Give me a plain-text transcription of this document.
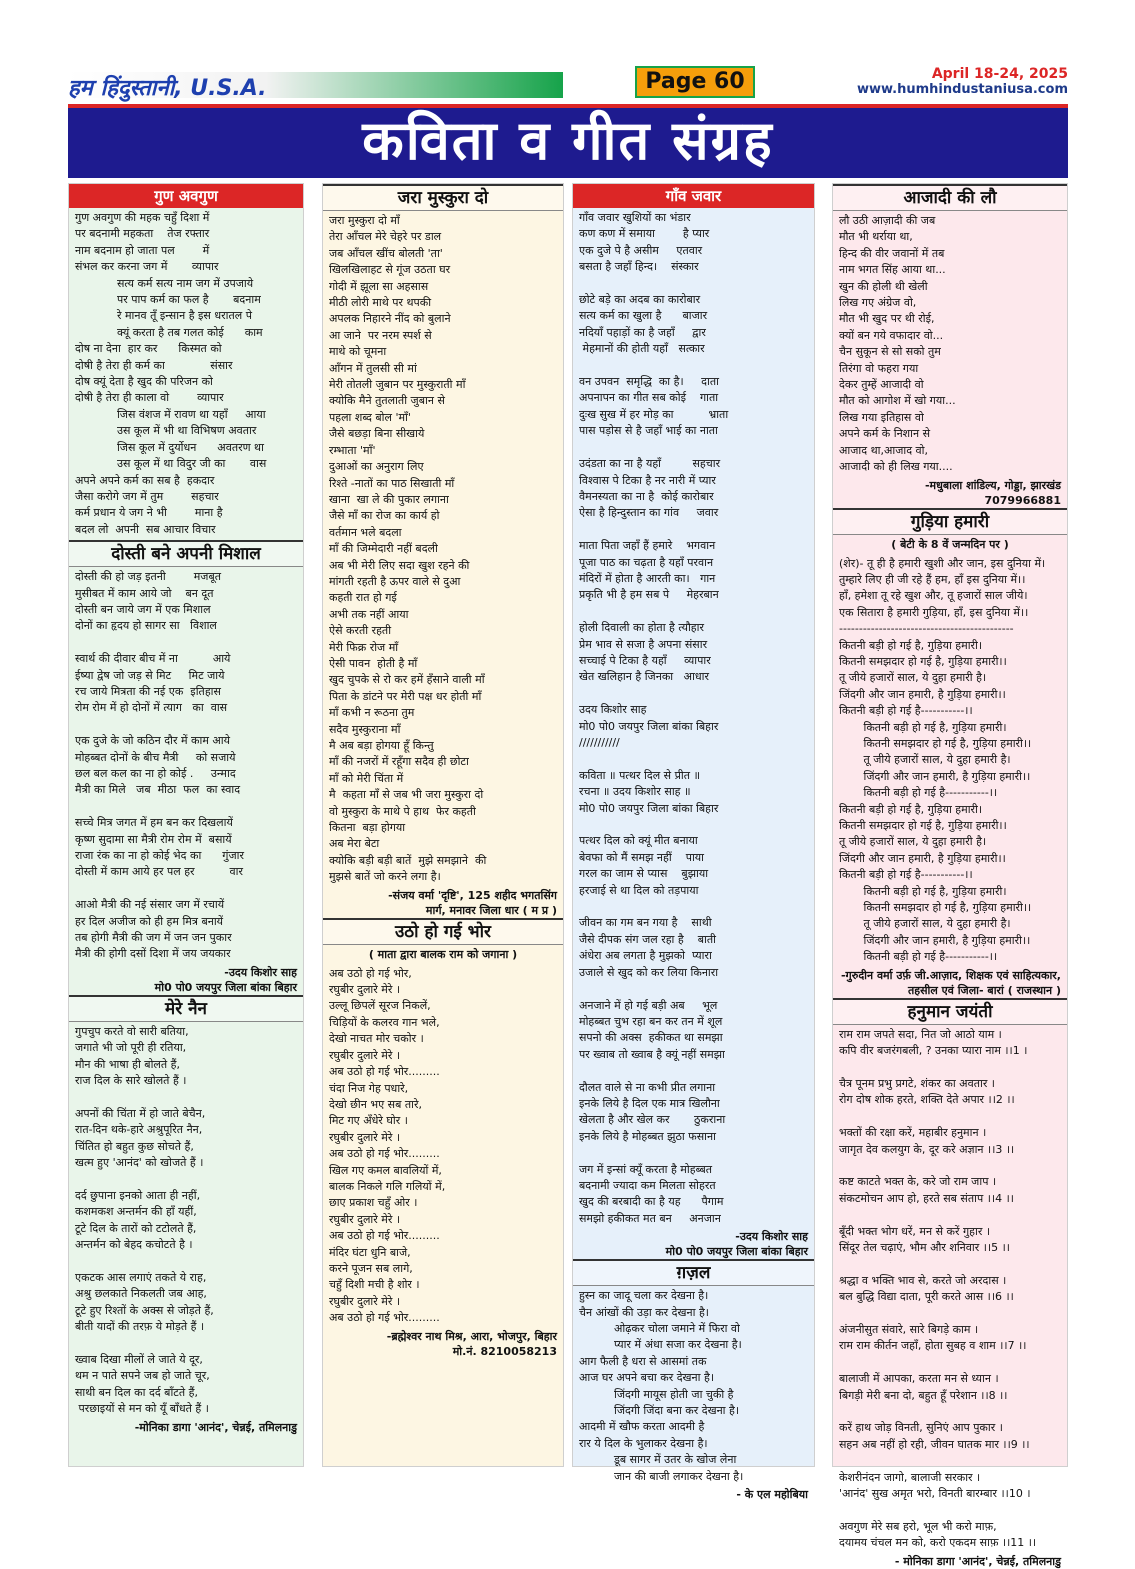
हम हिंदुस्तानी, U.S.A.	Page 60	April 18-24, 2025
www.humhindustaniusa.com
कविता व गीत संग्रह
गुण अवगुण
गुण अवगुण की महक चहुँ दिशा में
पर बदनामी महकता    तेज रफ्तार
नाम बदनाम हो जाता पल        में
संभल कर करना जग में       व्यापार
सत्य कर्म सत्य नाम जग में उपजाये
पर पाप कर्म का फल है       बदनाम
रे मानव तूँ इन्सान है इस धरातल पे
क्यूं करता है तब गलत कोई      काम
दोष ना देना  हार कर      किस्मत को
दोषी है तेरा ही कर्म का             संसार
दोष क्यूं देता है खुद की परिजन को
दोषी है तेरा ही काला वो        व्यापार
जिस वंशज में रावण था यहाँ     आया
उस कूल में भी था विभिषण अवतार
जिस कूल में दुर्योधन      अवतरण था
उस कूल में था विदुर जी का       वास
अपने अपने कर्म का सब है  हकदार
जैसा करोगे जग में तुम        सहचार
कर्म प्रधान ये जग ने भी        माना है
बदल लो  अपनी  सब आचार विचार
दोस्ती बने अपनी मिशाल
दोस्ती की हो जड़ इतनी        मजबूत
मुसीबत में काम आये जो    बन दूत
दोस्ती बन जाये जग में एक मिशाल
दोनों का हृदय हो सागर सा   विशाल

स्वार्थ की दीवार बीच में ना          आये
ईष्या द्वेष जो जड़ से मिट     मिट जाये
रच जाये मित्रता की नई एक  इतिहास
रोम रोम में हो दोनों में त्याग   का  वास

एक दुजे के जो कठिन दौर में काम आये
मोहब्बत दोनों के बीच मैत्री     को सजाये
छल बल कल का ना हो कोई .     उन्माद
मैत्री का मिले   जब  मीठा  फल  का स्वाद

सच्चे मित्र जगत में हम बन कर दिखलायें
कृष्ण सुदामा सा मैत्री रोम रोम में  बसायें
राजा रंक का ना हो कोई भेद का      गुंजार
दोस्ती में काम आये हर पल हर          वार

आओ मैत्री की नई संसार जग में रचायें
हर दिल अजीज को ही हम मित्र बनायें
तब होगी मैत्री की जग में जन जन पुकार
मैत्री की होगी दसों दिशा में जय जयकार
-उदय किशोर साह
मो0 पो0 जयपुर जिला बांका बिहार
मेरे नैन
गुपचुप करते वो सारी बतिया,
जगाते भी जो पूरी ही रतिया,
मौन की भाषा ही बोलते हैं,
राज दिल के सारे खोलते हैं ।

अपनों की चिंता में हो जाते बेचैन,
रात-दिन थके-हारे अश्रुपूरित नैन,
चिंतित हो बहुत कुछ सोचते हैं,
खत्म हुए 'आनंद' को खोजते हैं ।

दर्द छुपाना इनको आता ही नहीं,
कशमकश अन्तर्मन की हाँ यहीं,
टूटे दिल के तारों को टटोलते हैं,
अन्तर्मन को बेहद कचोटते है ।

एकटक आस लगाएं तकते ये राह,
अश्रु छलकाते निकलती जब आह,
टूटे हुए रिश्तों के अक्स से जोड़ते हैं,
बीती यादों की तरफ़ ये मोड़ते हैं ।

ख्वाब दिखा मीलों ले जाते ये दूर,
थम न पाते सपने जब हो जाते चूर,
साथी बन दिल का दर्द बाँटते हैं,
परछाइयों से मन को यूँ बाँधते हैं ।
-मोनिका डागा 'आनंद', चेन्नई, तमिलनाडु
जरा मुस्कुरा दो
जरा मुस्कुरा दो माँ
तेरा आँचल मेरे चेहरे पर डाल
जब आँचल खींच बोलती 'ता'
खिलखिलाहट से गूंज उठता घर
गोदी में झूला सा अहसास
मीठी लोरी माथे पर थपकी
अपलक निहारने नींद को बुलाने
आ जाने  पर नरम स्पर्श से
माथे को चूमना
आँगन में तुलसी सी मां
मेरी तोतली जुबान पर मुस्कुराती माँ
क्योकि मैने तुतलाती जुबान से
पहला शब्द बोल 'माँ'
जैसे बछड़ा बिना सीखाये
रम्भाता 'माँ'
दुआओं का अनुराग लिए
रिश्ते -नातों का पाठ सिखाती माँ
खाना  खा ले की पुकार लगाना
जैसे माँ का रोज का कार्य हो
वर्तमान भले बदला
माँ की जिम्मेदारी नहीं बदली
अब भी मेरी लिए सदा खुश रहने की
मांगती रहती है ऊपर वाले से दुआ
कहती रात हो गई
अभी तक नहीं आया
ऐसे करती रहती
मेरी फिक्र रोज माँ
ऐसी पावन  होती है माँ
खुद चुपके से रो कर हमें हँसाने वाली माँ
पिता के डांटने पर मेरी पक्ष धर होती माँ
माँ कभी न रूठना तुम
सदैव मुस्कुराना माँ
मै अब बड़ा होगया हूँ किन्तु
माँ की नजरों में रहूँगा सदैव ही छोटा
माँ को मेरी चिंता में
मै  कहता माँ से जब भी जरा मुस्कुरा दो
वो मुस्कुरा के माथे पे हाथ  फेर कहती
कितना  बड़ा होगया
अब मेरा बेटा
क्योकि बड़ी बड़ी बातें  मुझे समझाने  की
मुझसे बातें जो करने लगा है।
-संजय वर्मा 'दृष्टि', 125 शहीद भगतसिंग
मार्ग, मनावर जिला धार ( म प्र )
उठो हो गई भोर
( माता द्वारा बालक राम को जगाना )
अब उठो हो गई भोर,
रघुबीर दुलारे मेरे ।
उल्लू छिपलें सूरज निकलें,
चिड़ियों के कलरव गान भले,
देखो नाचत मोर चकोर ।
रघुबीर दुलारे मेरे ।
अब उठो हो गई भोर.........
चंदा निज गेह पधारे,
देखो छीन भए सब तारे,
मिट गए अँधेरे घोर ।
रघुबीर दुलारे मेरे ।
अब उठो हो गई भोर.........
खिल गए कमल बावलियों में,
बालक निकले गलि गलियों में,
छाए प्रकाश चहुँ ओर ।
रघुबीर दुलारे मेरे ।
अब उठो हो गई भोर.........
मंदिर घंटा धुनि बाजे,
करने पूजन सब लागे,
चहुँ दिशी मची है शोर ।
रघुबीर दुलारे मेरे ।
अब उठो हो गई भोर.........
-ब्रह्मेश्वर नाथ मिश्र, आरा, भोजपुर, बिहार
मो.नं. 8210058213
गाँव जवार
गाँव जवार खुशियों का भंडार
कण कण में समाया        है प्यार
एक दुजे पे है असीम     एतवार
बसता है जहाँ हिन्द।    संस्कार

छोटे बड़े का अदब का कारोबार
सत्य कर्म का खुला है      बाजार
नदियाँ पहाड़ों का है जहाँ     द्वार
मेहमानों की होती यहाँ   सत्कार

वन उपवन  समृद्धि  का है।     दाता
अपनापन का गीत सब कोई    गाता
दुःख सुख में हर मोड़ का          भ्राता
पास पड़ोस से है जहाँ भाई का नाता

उदंडता का ना है यहाँ         सहचार
विश्वास पे टिका है नर नारी में प्यार
वैमनस्यता का ना है  कोई कारोबार
ऐसा है हिन्दुस्तान का गांव     जवार

माता पिता जहाँ हैं हमारे    भगवान
पूजा पाठ का चढ़ता है यहाँ परवान
मंदिरों में होता है आरती का।   गान
प्रकृति भी है हम सब पे     मेहरबान

होली दिवाली का होता है त्यौहार
प्रेम भाव से सजा है अपना संसार
सच्चाई पे टिका है यहाँ     व्यापार
खेत खलिहान है जिनका   आधार

उदय किशोर साह
मो0 पो0 जयपुर जिला बांका बिहार
///////////

कविता ॥ पत्थर दिल से प्रीत ॥
रचना ॥ उदय किशोर साह ॥
मो0 पो0 जयपुर जिला बांका बिहार

पत्थर दिल को क्यूं मीत बनाया
बेवफा को मैं समझ नहीं    पाया
गरल का जाम से प्यास    बुझाया
हरजाई से था दिल को तड़पाया

जीवन का गम बन गया है    साथी
जैसे दीपक संग जल रहा है    बाती
अंधेरा अब लगता है मुझको  प्यारा
उजाले से खुद को कर लिया किनारा

अनजाने में हो गई बड़ी अब     भूल
मोहब्बत चुभ रहा बन कर तन में शूल
सपनो की अक्स  हकीकत था समझा
पर ख्वाब तो ख्वाब है क्यूं नहीं समझा

दौलत वाले से ना कभी प्रीत लगाना
इनके लिये है दिल एक मात्र खिलौना
खेलता है और खेल कर       ठुकराना
इनके लिये है मोहब्बत झुठा फसाना

जग में इन्सां क्यूँ करता है मोहब्बत
बदनामी ज्यादा कम मिलता सोहरत
खुद की बरबादी का है यह      पैगाम
समझो हकीकत मत बन     अनजान
-उदय किशोर साह
मो0 पो0 जयपुर जिला बांका बिहार
ग़ज़ल
हुस्न का जादू चला कर देखना है।
चैन आंखों की उड़ा कर देखना है।
ओढ़कर चोला जमाने में फिरा वो
प्यार में अंधा सजा कर देखना है।
आग फैली है धरा से आसमां तक
आज घर अपने बचा कर देखना है।
जिंदगी मायूस होती जा चुकी है
जिंदगी जिंदा बना कर देखना है।
आदमी में खौफ करता आदमी है
रार ये दिल के भुलाकर देखना है।
डूब सागर में उतर के खोज लेना
जान की बाजी लगाकर देखना है।
- के एल महोबिया
आजादी की लौ
लौ उठी आज़ादी की जब
मौत भी थर्राया था,
हिन्द की वीर जवानों में तब
नाम भगत सिंह आया था...
खुन की होली थी खेली
लिख गए अंग्रेज वो,
मौत भी खुद पर थी रोई,
क्यों बन गये वफादार वो...
चैन सुकून से सो सको तुम
तिरंगा वो फहरा गया
देकर तुम्हें आजादी वो
मौत को आगोश में खो गया...
लिख गया इतिहास वो
अपने कर्म के निशान से
आजाद था,आजाद वो,
आजादी को ही लिख गया....
-मधुबाला शांडिल्य, गोड्डा, झारखंड
7079966881
गुड़िया हमारी
( बेटी के 8 वें जन्मदिन पर )
(शेर)- तू ही है हमारी खुशी और जान, इस दुनिया में।
तुम्हारे लिए ही जी रहे हैं हम, हाँ इस दुनिया में।।
हाँ, हमेशा तू रहे खुश और, तू हजारों साल जीये।
एक सितारा है हमारी गुड़िया, हाँ, इस दुनिया में।।
--------------------------------------------
कितनी बड़ी हो गई है, गुड़िया हमारी।
कितनी समझदार हो गई है, गुड़िया हमारी।।
तू जीये हजारों साल, ये दुहा हमारी है।
जिंदगी और जान हमारी, है गुड़िया हमारी।।
कितनी बड़ी हो गई है-----------।।
कितनी बड़ी हो गई है, गुड़िया हमारी।
कितनी समझदार हो गई है, गुड़िया हमारी।।
तू जीये हजारों साल, ये दुहा हमारी है।
जिंदगी और जान हमारी, है गुड़िया हमारी।।
कितनी बड़ी हो गई है-----------।।
कितनी बड़ी हो गई है, गुड़िया हमारी।
कितनी समझदार हो गई है, गुड़िया हमारी।।
तू जीये हजारों साल, ये दुहा हमारी है।
जिंदगी और जान हमारी, है गुड़िया हमारी।।
कितनी बड़ी हो गई है-----------।।
कितनी बड़ी हो गई है, गुड़िया हमारी।
कितनी समझदार हो गई है, गुड़िया हमारी।।
तू जीये हजारों साल, ये दुहा हमारी है।
जिंदगी और जान हमारी, है गुड़िया हमारी।।
कितनी बड़ी हो गई है-----------।।
-गुरुदीन वर्मा उर्फ़ जी.आज़ाद, शिक्षक एवं साहित्यकार,
तहसील एवं जिला- बारां ( राजस्थान )
हनुमान जयंती
राम राम जपते सदा, नित जो आठो याम ।
कपि वीर बजरंगबली, ? उनका प्यारा नाम ।।1 ।

चैत्र पूनम प्रभु प्रगटे, शंकर का अवतार ।
रोग दोष शोक हरते, शक्ति देते अपार ।।2 ।।

भक्तों की रक्षा करें, महाबीर हनुमान ।
जागृत देव कलयुग के, दूर करे अज्ञान ।।3 ।।

कष्ट काटते भक्त के, करे जो राम जाप ।
संकटमोचन आप हो, हरते सब संताप ।।4 ।।

बूँदी भक्त भोग धरें, मन से करें गुहार ।
सिंदूर तेल चढ़ाएं, भौम और शनिवार ।।5 ।।

श्रद्धा व भक्ति भाव से, करते जो अरदास ।
बल बुद्धि विद्या दाता, पूरी करते आस ।।6 ।।

अंजनीसुत संवारे, सारे बिगड़े काम ।
राम राम कीर्तन जहाँ, होता सुबह व शाम ।।7 ।।

बालाजी में आपका, करता मन से ध्यान ।
बिगड़ी मेरी बना दो, बहुत हूँ परेशान ।।8 ।।

करें हाथ जोड़ विनती, सुनिएं आप पुकार ।
सहन अब नहीं हो रही, जीवन घातक मार ।।9 ।।

केशरीनंदन जागो, बालाजी सरकार ।
'आनंद' सुख अमृत भरो, विनती बारम्बार ।।10 ।

अवगुण मेरे सब हरो, भूल भी करो माफ़,
दयामय चंचल मन को, करो एकदम साफ़ ।।11 ।।
- मोनिका डागा 'आनंद', चेन्नई, तमिलनाडु
